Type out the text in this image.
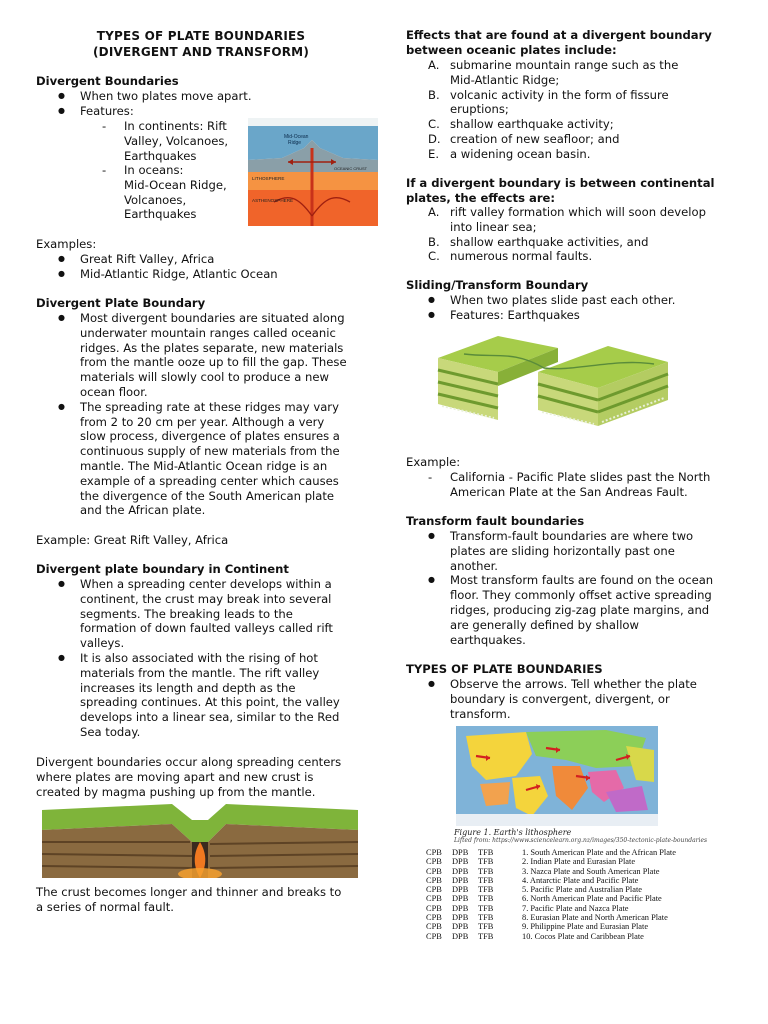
TYPES OF PLATE BOUNDARIES
(DIVERGENT AND TRANSFORM)
Divergent Boundaries
● When two plates move apart.
● Features:
- In continents: Rift
Valley, Volcanoes,
Earthquakes
- In oceans:
Mid-Ocean Ridge,
Volcanoes,
Earthquakes
Mid-Ocean
Ridge
LITHOSPHERE
OCEANIC CRUST
ASTHENOSPHERE
Examples:
● Great Rift Valley, Africa
● Mid-Atlantic Ridge, Atlantic Ocean
Divergent Plate Boundary
● Most divergent boundaries are situated along
underwater mountain ranges called oceanic
ridges. As the plates separate, new materials
from the mantle ooze up to fill the gap. These
materials will slowly cool to produce a new
ocean floor.
● The spreading rate at these ridges may vary
from 2 to 20 cm per year. Although a very
slow process, divergence of plates ensures a
continuous supply of new materials from the
mantle. The Mid-Atlantic Ocean ridge is an
example of a spreading center which causes
the divergence of the South American plate
and the African plate.
Example: Great Rift Valley, Africa
Divergent plate boundary in Continent
● When a spreading center develops within a
continent, the crust may break into several
segments. The breaking leads to the
formation of down faulted valleys called rift
valleys.
● It is also associated with the rising of hot
materials from the mantle. The rift valley
increases its length and depth as the
spreading continues. At this point, the valley
develops into a linear sea, similar to the Red
Sea today.
Divergent boundaries occur along spreading centers
where plates are moving apart and new crust is
created by magma pushing up from the mantle.
The crust becomes longer and thinner and breaks to
a series of normal fault.
Effects that are found at a divergent boundary
between oceanic plates include:
A. submarine mountain range such as the
Mid-Atlantic Ridge;
B. volcanic activity in the form of fissure
eruptions;
C. shallow earthquake activity;
D. creation of new seafloor; and
E. a widening ocean basin.
If a divergent boundary is between continental
plates, the effects are:
A. rift valley formation which will soon develop
into linear sea;
B. shallow earthquake activities, and
C. numerous normal faults.
Sliding/Transform Boundary
● When two plates slide past each other.
● Features: Earthquakes
Example:
- California - Pacific Plate slides past the North
American Plate at the San Andreas Fault.
Transform fault boundaries
● Transform-fault boundaries are where two
plates are sliding horizontally past one
another.
● Most transform faults are found on the ocean
floor. They commonly offset active spreading
ridges, producing zig-zag plate margins, and
are generally defined by shallow
earthquakes.
TYPES OF PLATE BOUNDARIES
● Observe the arrows. Tell whether the plate
boundary is convergent, divergent, or
transform.
Figure 1. Earth's lithosphere
Lifted from: https://www.sciencelearn.org.nz/images/350-tectonic-plate-boundaries
CPB	DPB	TFB	1. South American Plate and the African Plate
CPB	DPB	TFB	2. Indian Plate and Eurasian Plate
CPB	DPB	TFB	3. Nazca Plate and South American Plate
CPB	DPB	TFB	4. Antarctic Plate and Pacific Plate
CPB	DPB	TFB	5. Pacific Plate and Australian Plate
CPB	DPB	TFB	6. North American Plate and Pacific Plate
CPB	DPB	TFB	7. Pacific Plate and Nazca Plate
CPB	DPB	TFB	8. Eurasian Plate and North American Plate
CPB	DPB	TFB	9. Philippine Plate and Eurasian Plate
CPB	DPB	TFB	10. Cocos Plate and Caribbean Plate
